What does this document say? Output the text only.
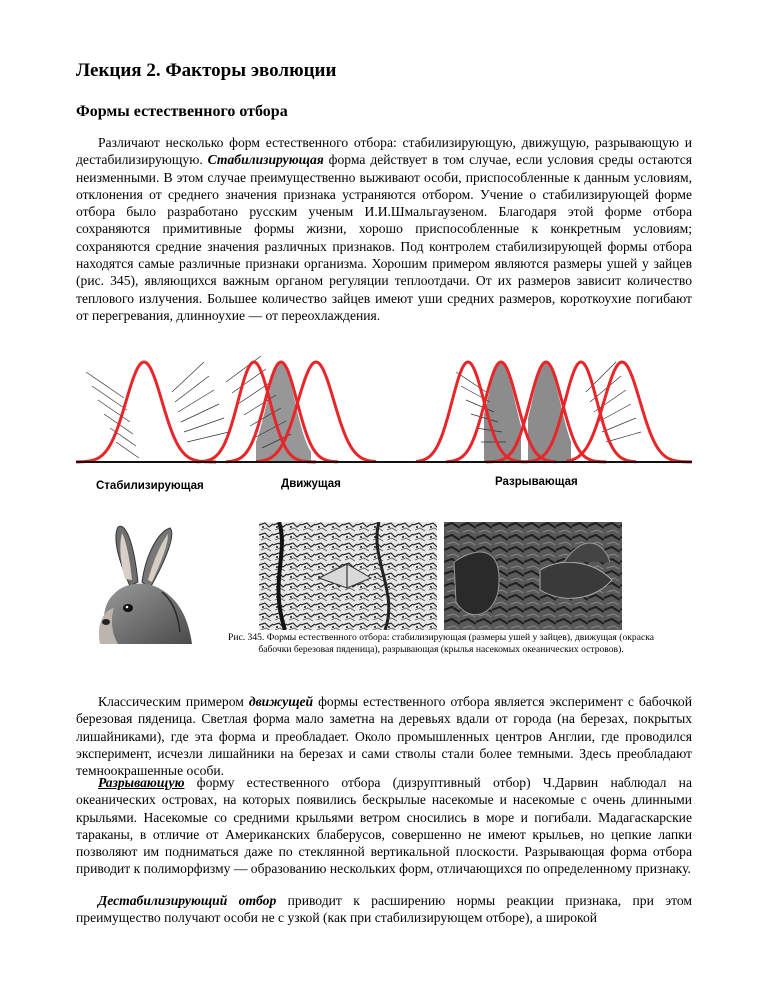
Лекция 2. Факторы эволюции
Формы естественного отбора

Различают несколько форм естественного отбора: стабилизирующую, движущую, разрывающую и дестабилизирующую. Стабилизирующая форма действует в том случае, если условия среды остаются неизменными. В этом случае преимущественно выживают особи, приспособленные к данным условиям, отклонения от среднего значения признака устраняются отбором. Учение о стабилизирующей форме отбора было разработано русским ученым И.И.Шмальгаузеном. Благодаря этой форме отбора сохраняются примитивные формы жизни, хорошо приспособленные к конкретным условиям; сохраняются средние значения различных признаков. Под контролем стабилизирующей формы отбора находятся самые различные признаки организма. Хорошим примером являются размеры ушей у зайцев (рис. 345), являющихся важным органом регуляции теплоотдачи. От их размеров зависит количество теплового излучения. Большее количество зайцев имеют уши средних размеров, короткоухие погибают от перегревания, длинноухие — от переохлаждения.

Стабилизирующая	Движущая	Разрывающая
Рис. 345. Формы естественного отбора: стабилизирующая (размеры ушей у зайцев), движущая (окраска бабочки березовая пяденица), разрывающая (крылья насекомых океанических островов).

Классическим примером движущей формы естественного отбора является эксперимент с бабочкой березовая пяденица. Светлая форма мало заметна на деревьях вдали от города (на березах, покрытых лишайниками), где эта форма и преобладает. Около промышленных центров Англии, где проводился эксперимент, исчезли лишайники на березах и сами стволы стали более темными. Здесь преобладают темноокрашенные особи.

Разрывающую форму естественного отбора (дизруптивный отбор) Ч.Дарвин наблюдал на океанических островах, на которых появились бескрылые насекомые и насекомые с очень длинными крыльями. Насекомые со средними крыльями ветром сносились в море и погибали. Мадагаскарские тараканы, в отличие от Американских блаберусов, совершенно не имеют крыльев, но цепкие лапки позволяют им подниматься даже по стеклянной вертикальной плоскости. Разрывающая форма отбора приводит к полиморфизму — образованию нескольких форм, отличающихся по определенному признаку.

Дестабилизирующий отбор приводит к расширению нормы реакции признака, при этом преимущество получают особи не с узкой (как при стабилизирующем отборе), а широкой
